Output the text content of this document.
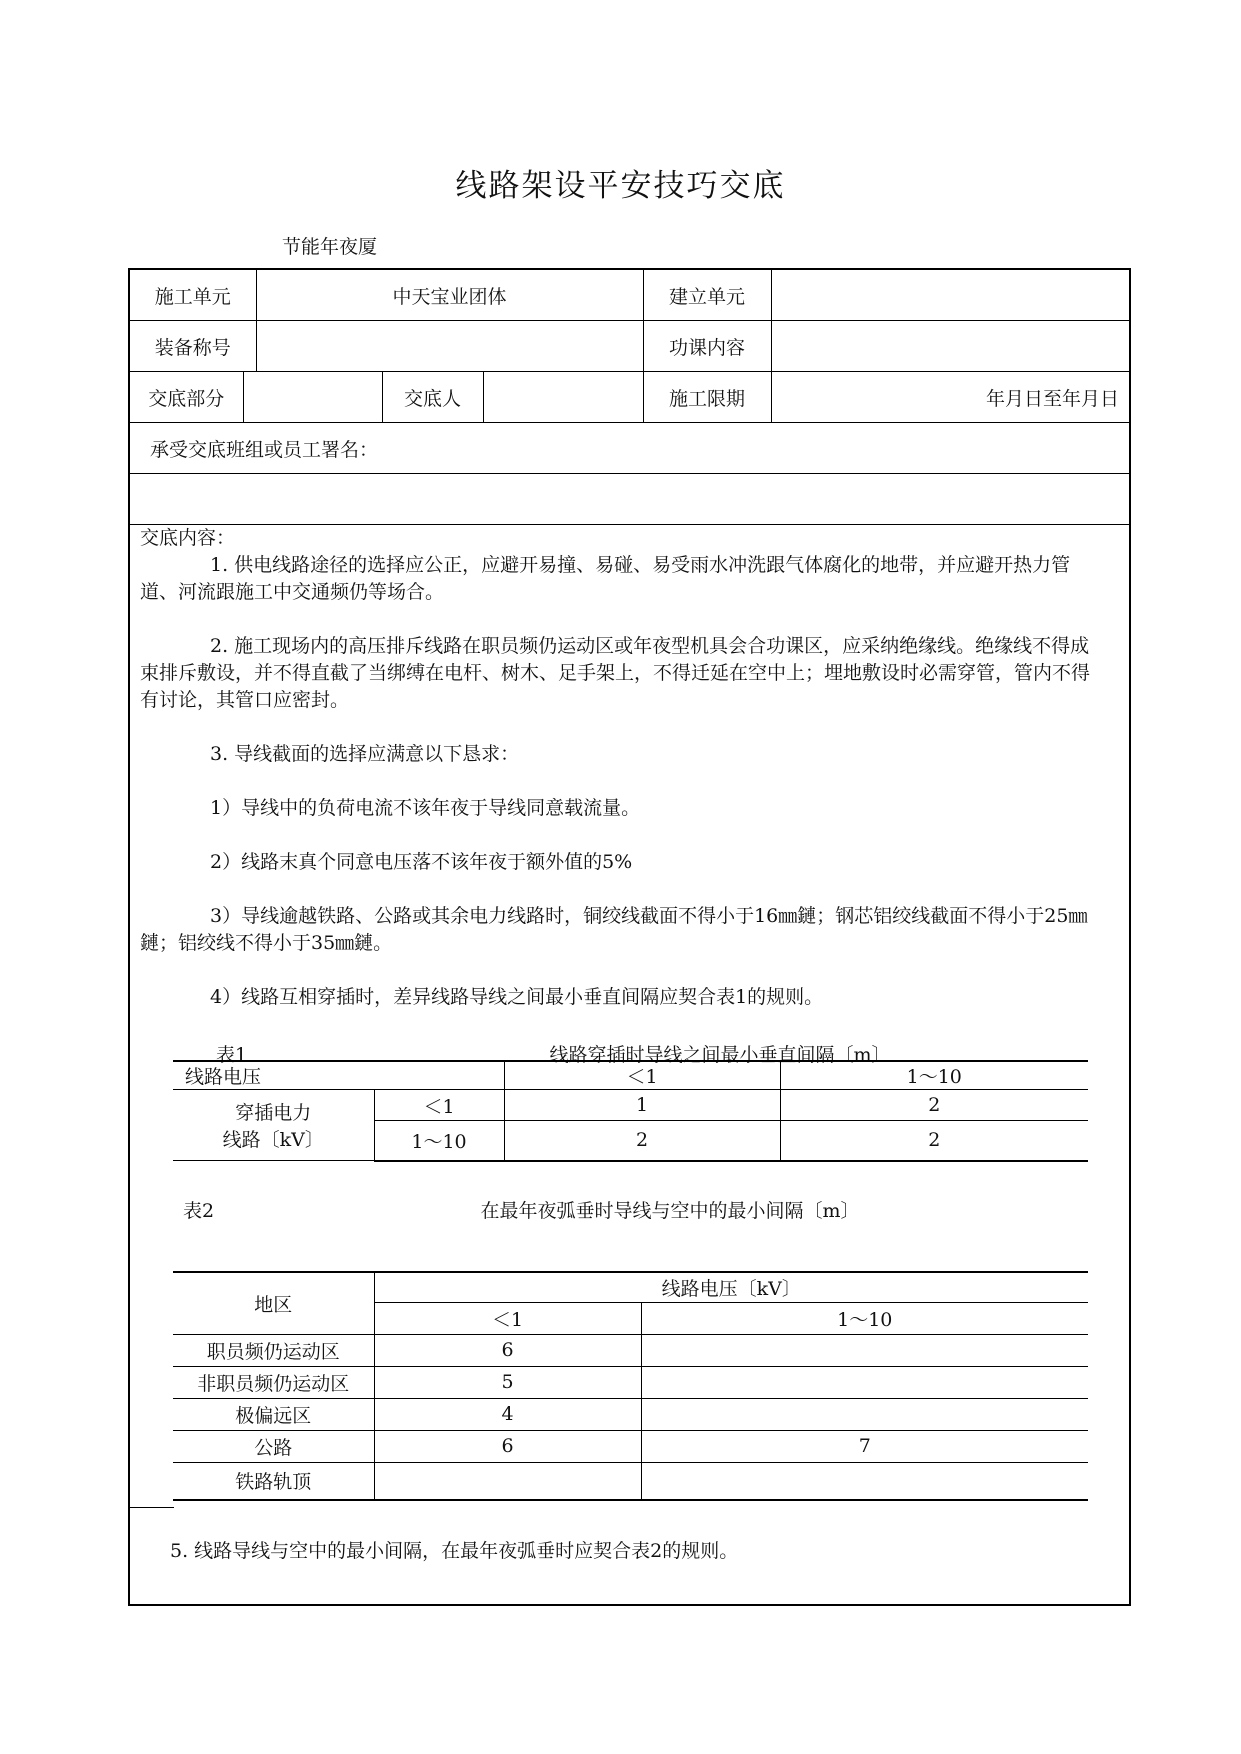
线路架设平安技巧交底
节能年夜厦
施工单元		中天宝业团体			建立单元	
装备称号					功课内容	
交底部分			交底人		施工限期	年月日至年月日
承受交底班组或员工署名：						

交底内容：

1. 供电线路途径的选择应公正，应避开易撞、易碰、易受雨水冲洗跟气体腐化的地带，并应避开热力管道、河流跟施工中交通频仍等场合。

2. 施工现场内的高压排斥线路在职员频仍运动区或年夜型机具会合功课区，应采纳绝缘线。绝缘线不得成束排斥敷设，并不得直截了当绑缚在电杆、树木、足手架上，不得迁延在空中上；埋地敷设时必需穿管，管内不得有讨论，其管口应密封。

3. 导线截面的选择应满意以下恳求：

1）导线中的负荷电流不该年夜于导线同意载流量。

2）线路末真个同意电压落不该年夜于额外值的5%

3）导线逾越铁路、公路或其余电力线路时，铜绞线截面不得小于16㎜鏈；钢芯铝绞线截面不得小于25㎜鏈；铝绞线不得小于35㎜鏈。

4）线路互相穿插时，差异线路导线之间最小垂直间隔应契合表1的规则。

表1	线路穿插时导线之间最小垂直间隔〔m〕
线路电压		＜1	1～10

穿插电力
线路〔kV〕	＜1	1	2
	1～10	2	2
表2	在最年夜弧垂时导线与空中的最小间隔〔m〕
地区	线路电压〔kV〕	
	＜1	1～10
职员频仍运动区	6	
非职员频仍运动区	5	
极偏远区	4	
公路	6	7
铁路轨顶		
5. 线路导线与空中的最小间隔，在最年夜弧垂时应契合表2的规则。
